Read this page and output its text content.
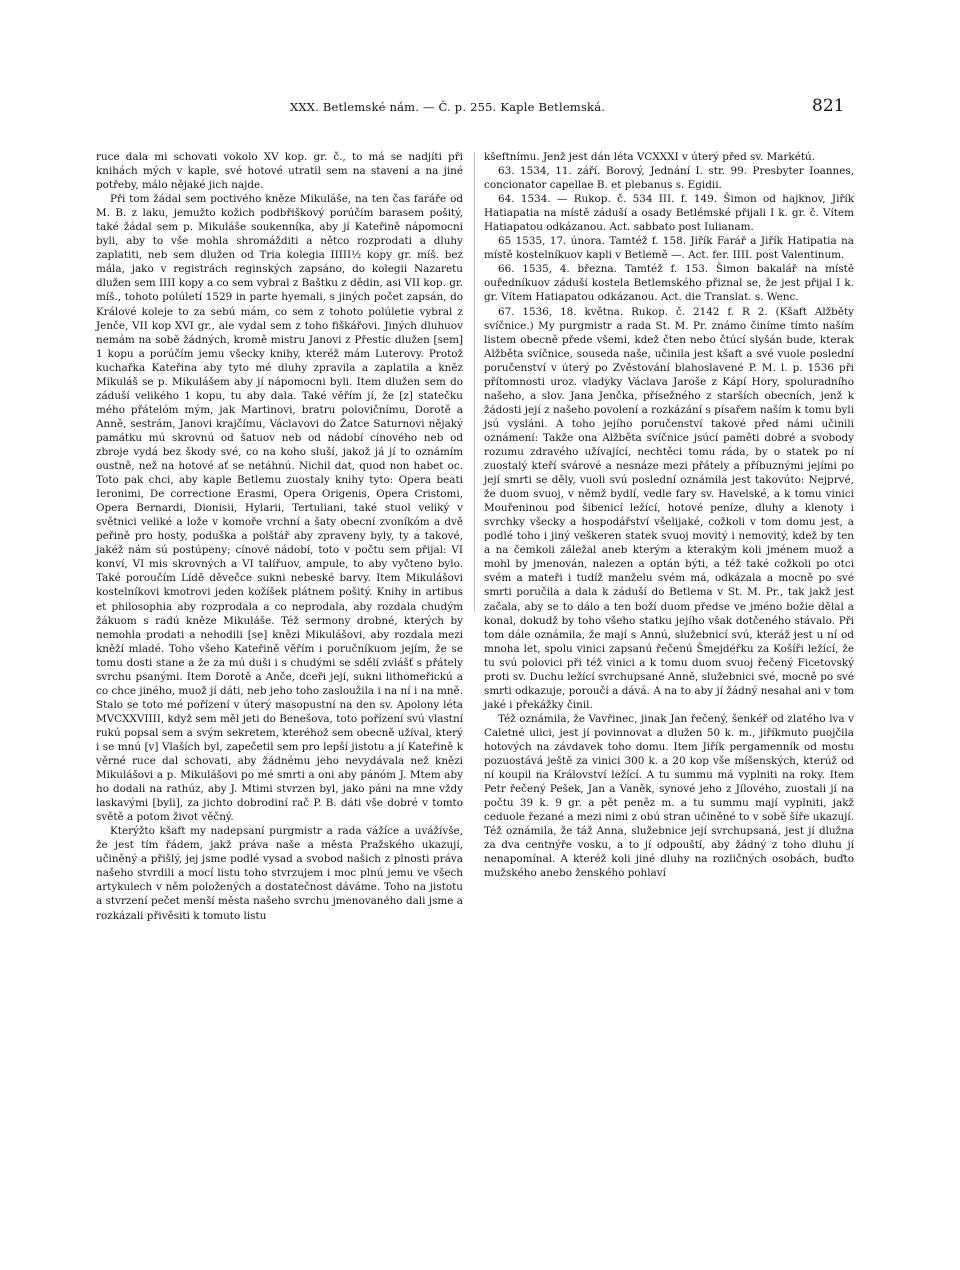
XXX. Betlemské nám. — Č. p. 255. Kaple Betlemská.	821

ruce dala mi schovati vokolo XV kop. gr. č., to má se nadjíti při knihách mých v kaple, své hotové utratil sem na stavení a na jiné potřeby, málo nějaké jich najde.

Při tom žádal sem poctivého kněze Mikuláše, na ten čas faráře od M. B. z laku, jemužto kožich podbřiškový porúčím barasem pošitý, také žádal sem p. Mikuláše soukenníka, aby jí Kateřině nápomocni byli, aby to vše mohla shromážditi a nětco rozprodati a dluhy zaplatiti, neb sem dlužen od Tria kolegia IIIII½ kopy gr. míš. bez mála, jako v registrách reginských zapsáno, do kolegii Nazaretu dlužen sem IIII kopy a co sem vybral z Baštku z dědin, asi VII kop. gr. míš., tohoto polúletí 1529 in parte hyemali, s jiných počet zapsán, do Králové koleje to za sebú mám, co sem z tohoto polúletie vybral z Jenče, VII kop XVI gr., ale vydal sem z toho fiškářovi. Jiných dluhuov nemám na sobě žádných, kromě mistru Janovi z Přestic dlužen [sem] 1 kopu a porúčím jemu všecky knihy, kteréž mám Luterovy. Protož kuchařka Kateřina aby tyto mé dluhy zpravila a zaplatila a kněz Mikuláš se p. Mikulášem aby jí nápomocni byli. Item dlužen sem do záduší velikého 1 kopu, tu aby dala. Také věřím jí, že [z] statečku mého přátelóm mým, jak Martinovi, bratru polovičnímu, Dorotě a Anně, sestrám, Janovi krajčímu, Václavovi do Žatce Saturnovi nějaký památku mú skrovnú od šatuov neb od nádobí cínového neb od zbroje vydá bez škody své, co na koho sluší, jakož já jí to oznámím oustně, než na hotové ať se netáhnú. Nichil dat, quod non habet oc. Toto pak chci, aby kaple Betlemu zuostaly knihy tyto: Opera beati Ieronimi, De correctione Erasmi, Opera Origenis, Opera Cristomi, Opera Bernardi, Dionisii, Hylarii, Tertuliani, také stuol veliký v světnici veliké a lože v komoře vrchní a šaty obecní zvoníkóm a dvě peřině pro hosty, poduška a polštář aby zpraveny byly, ty a takové, jakéž nám sú postúpeny; cínové nádobí, toto v počtu sem přijal: VI konví, VI mis skrovných a VI talířuov, ampule, to aby vyčteno bylo. Také poroučím Lídě děvečce sukni nebeské barvy. Item Mikulášovi kostelníkovi kmotrovi jeden kožíšek plátnem pošitý. Knihy in artibus et philosophia aby rozprodala a co neprodala, aby rozdala chudým žákuom s radú kněze Mikuláše. Též sermony drobné, kterých by nemohla prodati a nehodili [se] knězi Mikulášovi, aby rozdala mezi kněží mladé. Toho všeho Kateřině věřím i poručníkuom jejím, že se tomu dosti stane a že za mú duši i s chudými se sdělí zvlášť s přátely svrchu psanými. Item Dorotě a Anče, dceři její, sukni lithomeřickú a co chce jiného, muož jí dáti, neb jeho toho zasloužila i na ní i na mně. Stalo se toto mé pořízení v úterý masopustní na den sv. Apolony léta MVCXXVIIII, když sem měl jeti do Benešova, toto pořízení svú vlastní rukú popsal sem a svým sekretem, kteréhož sem obecně užíval, který i se mnú [v] Vlaších byl, zapečetil sem pro lepší jistotu a jí Kateřině k věrné ruce dal schovati, aby žádnému jeho nevydávala než knězi Mikulášovi a p. Mikulášovi po mé smrti a oni aby pánóm J. Mtem aby ho dodali na rathúz, aby J. Mtimi stvrzen byl, jako páni na mne vždy laskavými [byli], za jichto dobrodiní rač P. B. dáti vše dobré v tomto světě a potom život věčný.

Kterýžto kšaft my nadepsaní purgmistr a rada vážíce a uvážívše, že jest tím řádem, jakž práva naše a města Pražského ukazují, učiněný a přišlý, jej jsme podlé vysad a svobod našich z plnosti práva našeho stvrdili a mocí listu toho stvrzujem i moc plnú jemu ve všech artykulech v něm položených a dostatečnost dáváme. Toho na jistotu a stvrzení pečet menší města našeho svrchu jmenovaného dali jsme a rozkázali přivěsiti k tomuto listu

kšeftnímu. Jenž jest dán léta VCXXXI v úterý před sv. Markétú.

63. 1534, 11. září. Borový, Jednání I. str. 99. Presbyter Ioannes, concionator capellae B. et plebanus s. Egidii.

64. 1534. — Rukop. č. 534 III. f. 149. Šimon od hajknov, Jiřík Hatiapatia na místě záduší a osady Betlémské přijali I k. gr. č. Vítem Hatiapatou odkázanou. Act. sabbato post Iulianam.

65 1535, 17. února. Tamtéž f. 158. Jiřík Farář a Jiřík Hatipatia na místě kostelníkuov kapli v Betlemě —. Act. fer. IIII. post Valentinum.

66. 1535, 4. března. Tamtéž f. 153. Šimon bakalář na místě ouředníkuov záduší kostela Betlemského přiznal se, že jest přijal I k. gr. Vítem Hatiapatou odkázanou. Act. die Translat. s. Wenc.

67. 1536, 18. května. Rukop. č. 2142 f. R 2. (Kšaft Alžběty svíčnice.) My purgmistr a rada St. M. Pr. známo činíme tímto naším listem obecně přede všemi, kdež čten nebo čtúcí slyšán bude, kterak Alžběta svíčnice, souseda naše, učinila jest kšaft a své vuole poslední poručenství v úterý po Zvěstování blahoslavené P. M. l. p. 1536 při přítomnosti uroz. vladyky Václava Jaroše z Kápí Hory, spoluradního našeho, a slov. Jana Jenčka, přísežného z starších obecních, jenž k žádosti její z našeho povolení a rozkázání s písařem naším k tomu byli jsú vysláni. A toho jejího poručenství takové před námi učinili oznámení: Takže ona Alžběta svíčnice jsúcí paměti dobré a svobody rozumu zdravého užívající, nechtěci tomu ráda, by o statek po ní zuostalý kteří svárové a nesnáze mezi přátely a příbuznými jejími po její smrti se děly, vuoli svú poslední oznámila jest takovúto: Nejprvé, že duom svuoj, v němž bydlí, vedle fary sv. Havelské, a k tomu vinici Mouřeninou pod šibenicí ležící, hotové peníze, dluhy a klenoty i svrchky všecky a hospodářství všelijaké, cožkoli v tom domu jest, a podlé toho i jiný veškeren statek svuoj movitý i nemovitý, kdež by ten a na čemkoli záležal aneb kterým a kterakým koli jménem muož a mohl by jmenován, nalezen a optán býti, a též také cožkoli po otci svém a mateři i tudíž manželu svém má, odkázala a mocně po své smrti poručila a dala k záduší do Betlema v St. M. Pr., tak jakž jest začala, aby se to dálo a ten boží duom předse ve jméno božie dělal a konal, dokudž by toho všeho statku jejího však dotčeného stávalo. Při tom dále oznámila, že mají s Annú, služebnicí svú, kteráž jest u ní od mnoha let, spolu vinici zapsanú řečenú Šmejdéřku za Košíři ležící, že tu svú polovici při též vinici a k tomu duom svuoj řečený Ficetovský proti sv. Duchu ležící svrchupsané Anně, služebnici své, mocně po své smrti odkazuje, poroučí a dává. A na to aby jí žádný nesahal ani v tom jaké i překážky činil.

Též oznámila, že Vavřinec, jinak Jan řečený, šenkéř od zlatého lva v Caletné ulici, jest jí povinnovat a dlužen 50 k. m., jiříkmuto puojčila hotových na závdavek toho domu. Item Jiřík pergamenník od mostu pozuostává ještě za vinici 300 k. a 20 kop vše míšenských, kterúž od ní koupil na Království ležící. A tu summu má vyplniti na roky. Item Petr řečený Pešek, Jan a Vaněk, synové jeho z Jílového, zuostali jí na počtu 39 k. 9 gr. a pět peněz m. a tu summu mají vyplniti, jakž ceduole řezané a mezi nimi z obú stran učiněné to v sobě šíře ukazují. Též oznámila, že táž Anna, služebnice její svrchupsaná, jest jí dlužna za dva centnýře vosku, a to jí odpouští, aby žádný z toho dluhu jí nenapomínal. A kteréž koli jiné dluhy na rozličných osobách, buďto mužského anebo ženského pohlaví
